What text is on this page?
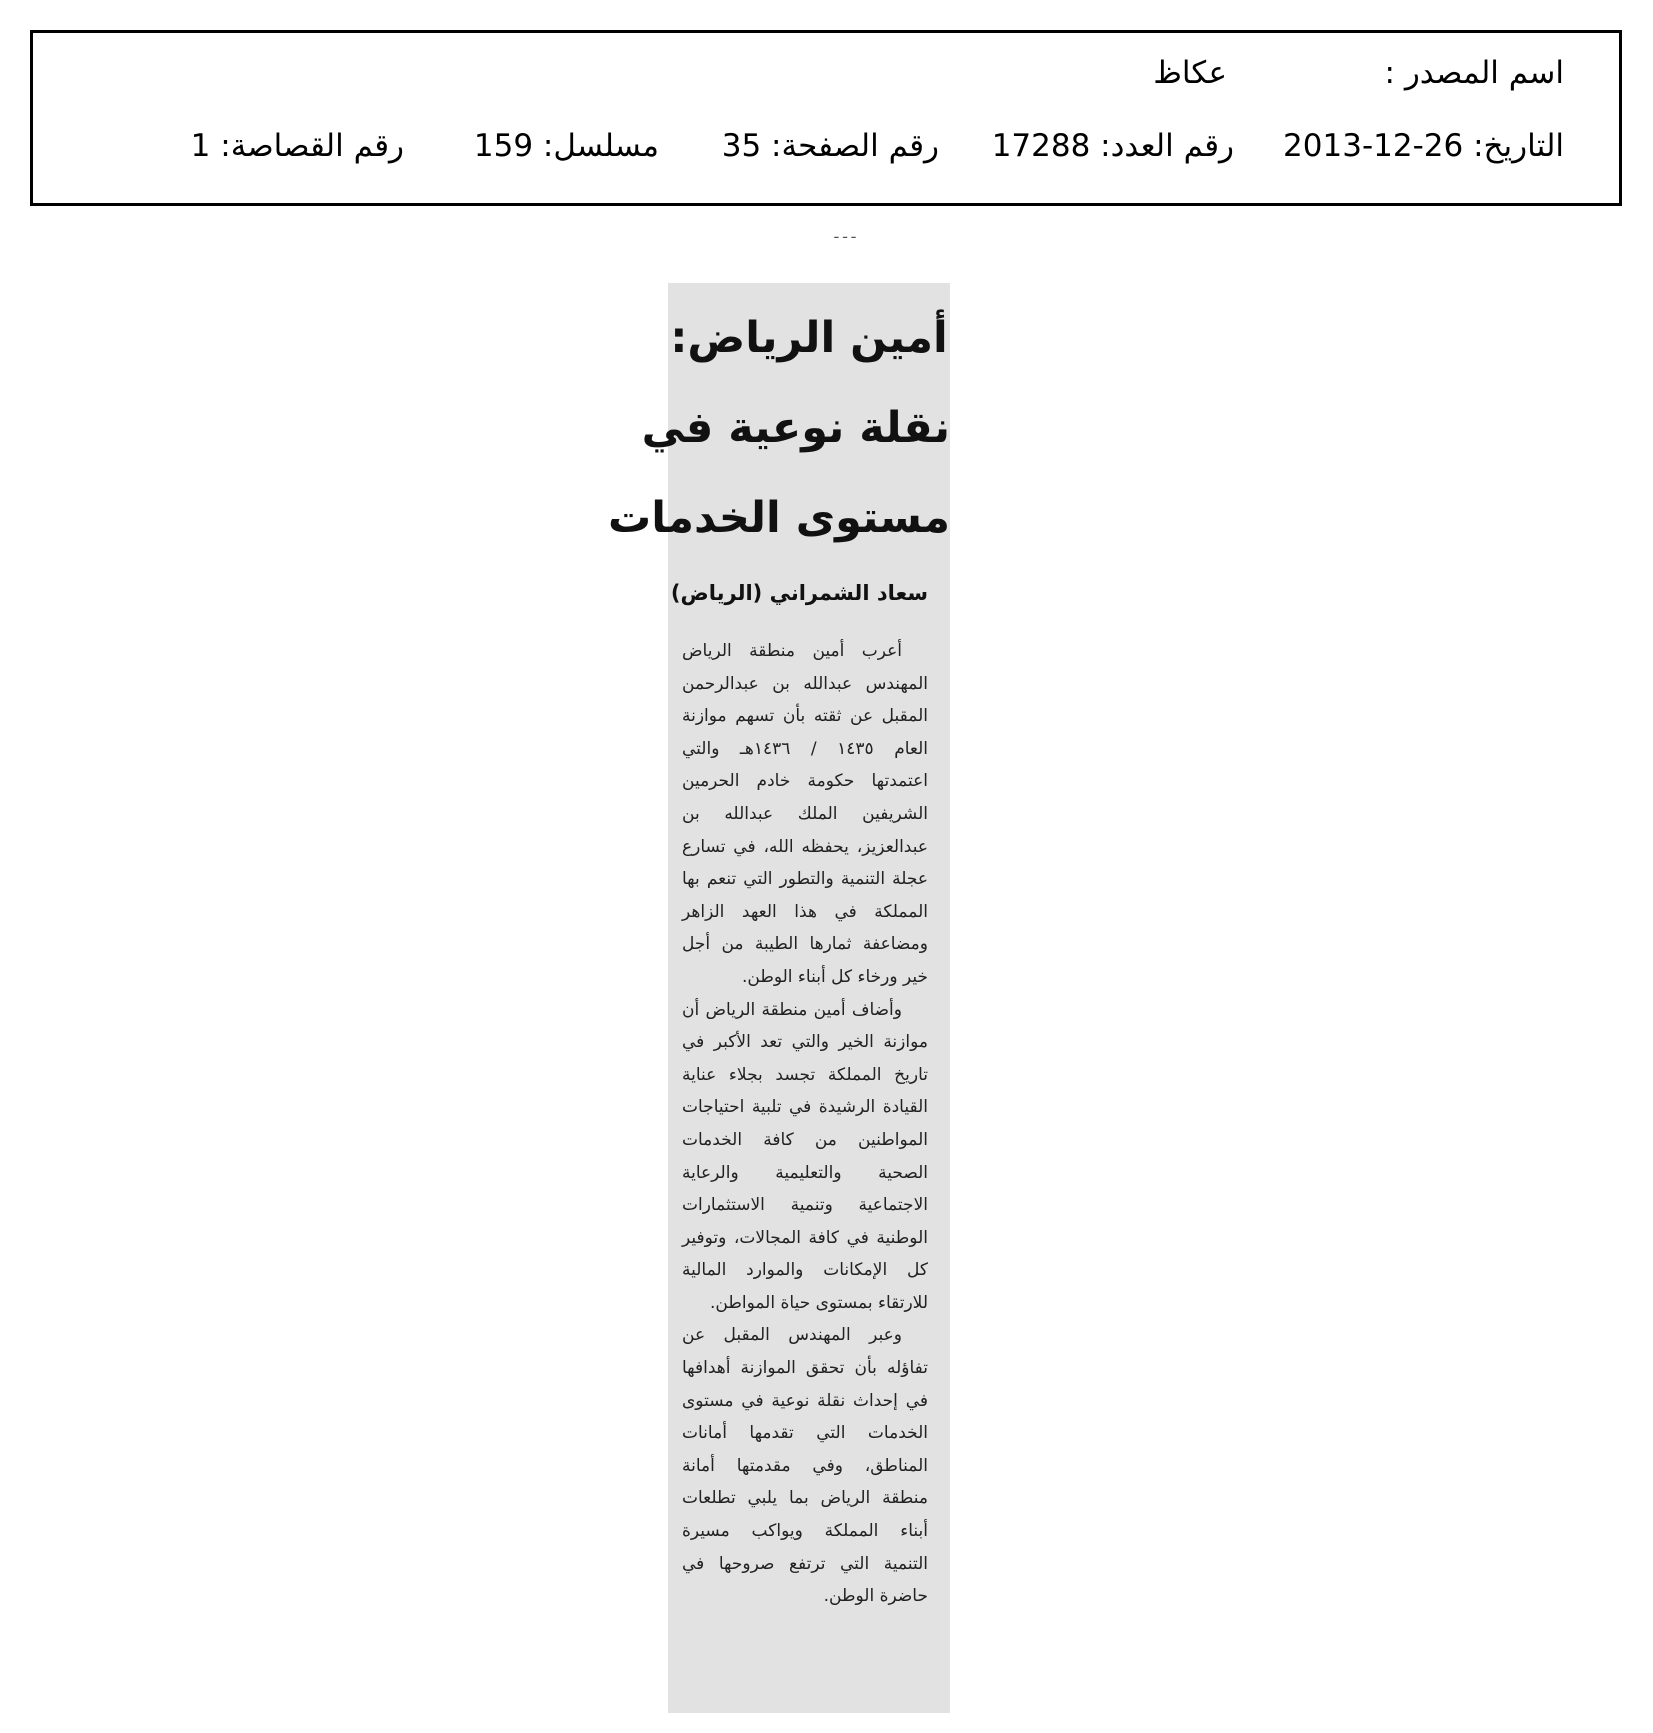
اسم المصدر :
عكاظ
التاريخ: 26-12-2013
رقم العدد: 17288
رقم الصفحة: 35
مسلسل: 159
رقم القصاصة: 1
ـ ـ ـ
أمين الرياض:
نقلة نوعية في
مستوى الخدمات
سعاد الشمراني (الرياض)

أعرب أمين منطقة الرياض المهندس عبدالله بن عبدالرحمن المقبل عن ثقته بأن تسهم موازنة العام ١٤٣٥ / ١٤٣٦هـ والتي اعتمدتها حكومة خادم الحرمين الشريفين الملك عبدالله بن عبدالعزيز، يحفظه الله، في تسارع عجلة التنمية والتطور التي تنعم بها المملكة في هذا العهد الزاهر ومضاعفة ثمارها الطيبة من أجل خير ورخاء كل أبناء الوطن.

وأضاف أمين منطقة الرياض أن موازنة الخير والتي تعد الأكبر في تاريخ المملكة تجسد بجلاء عناية القيادة الرشيدة في تلبية احتياجات المواطنين من كافة الخدمات الصحية والتعليمية والرعاية الاجتماعية وتنمية الاستثمارات الوطنية في كافة المجالات، وتوفير كل الإمكانات والموارد المالية للارتقاء بمستوى حياة المواطن.

وعبر المهندس المقبل عن تفاؤله بأن تحقق الموازنة أهدافها في إحداث نقلة نوعية في مستوى الخدمات التي تقدمها أمانات المناطق، وفي مقدمتها أمانة منطقة الرياض بما يلبي تطلعات أبناء المملكة ويواكب مسيرة التنمية التي ترتفع صروحها في حاضرة الوطن.
